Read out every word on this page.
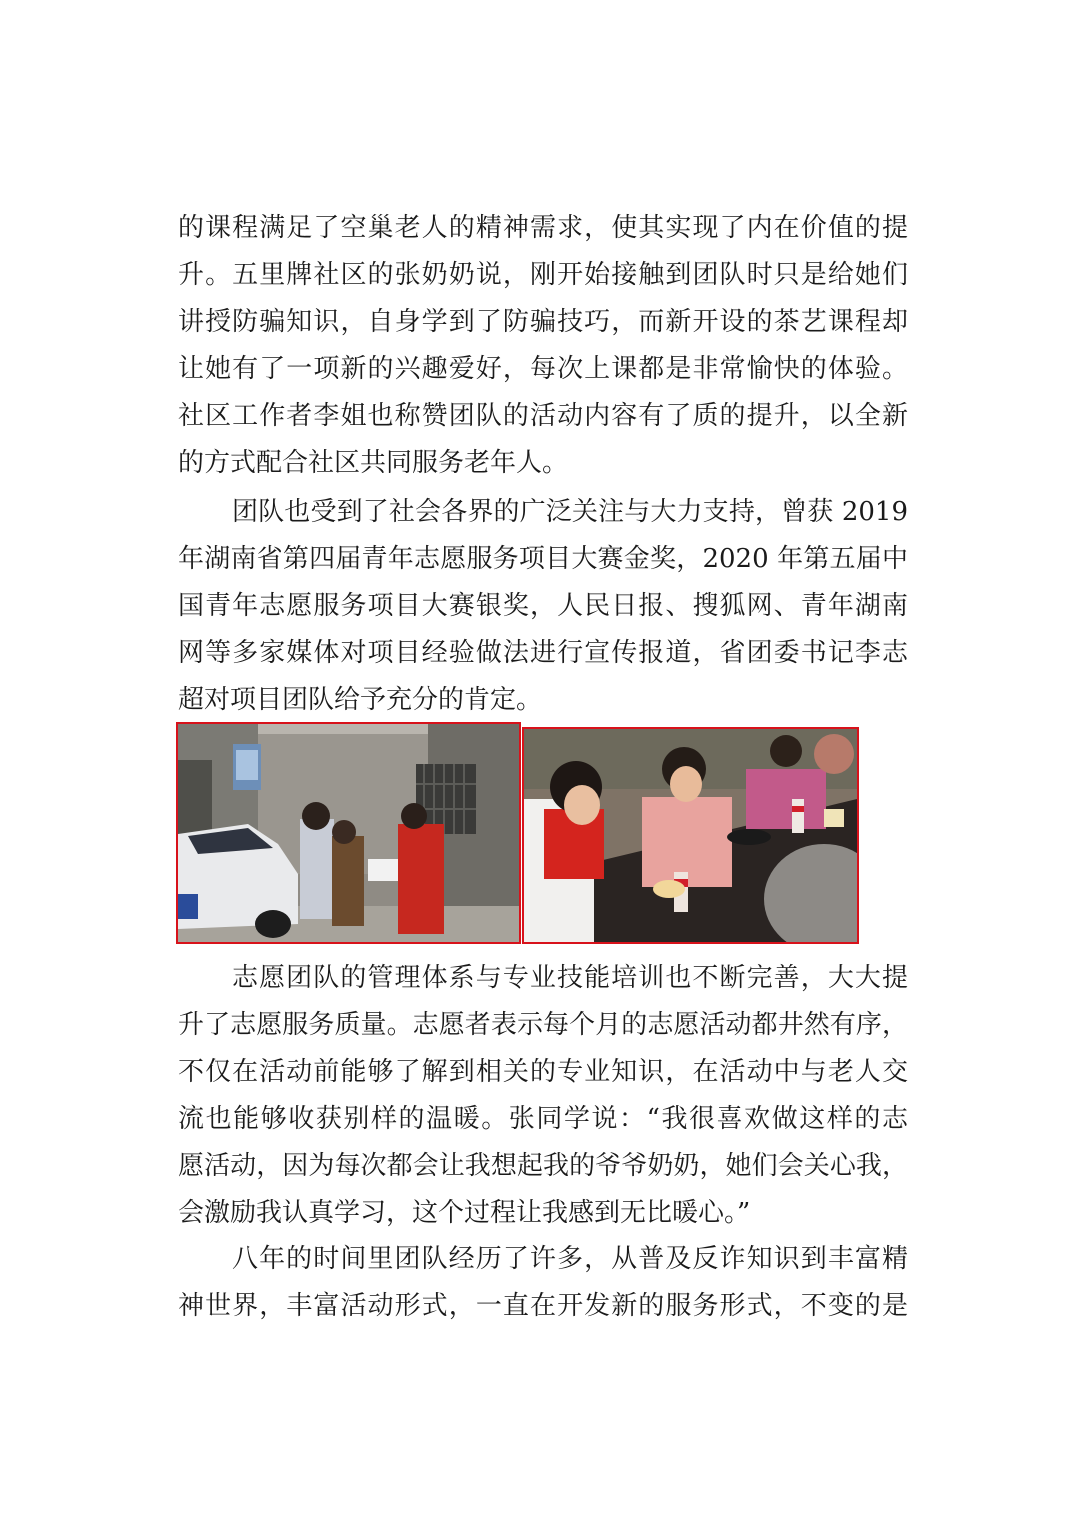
的课程满足了空巢老人的精神需求，使其实现了内在价值的提
升。五里牌社区的张奶奶说，刚开始接触到团队时只是给她们
讲授防骗知识，自身学到了防骗技巧，而新开设的茶艺课程却
让她有了一项新的兴趣爱好，每次上课都是非常愉快的体验。
社区工作者李姐也称赞团队的活动内容有了质的提升，以全新
的方式配合社区共同服务老年人。
团队也受到了社会各界的广泛关注与大力支持，曾获 2019
年湖南省第四届青年志愿服务项目大赛金奖，2020 年第五届中
国青年志愿服务项目大赛银奖，人民日报、搜狐网、青年湖南
网等多家媒体对项目经验做法进行宣传报道，省团委书记李志
超对项目团队给予充分的肯定。
志愿团队的管理体系与专业技能培训也不断完善，大大提
升了志愿服务质量。志愿者表示每个月的志愿活动都井然有序，
不仅在活动前能够了解到相关的专业知识，在活动中与老人交
流也能够收获别样的温暖。张同学说：“我很喜欢做这样的志
愿活动，因为每次都会让我想起我的爷爷奶奶，她们会关心我，
会激励我认真学习，这个过程让我感到无比暖心。”
八年的时间里团队经历了许多，从普及反诈知识到丰富精
神世界，丰富活动形式，一直在开发新的服务形式，不变的是
